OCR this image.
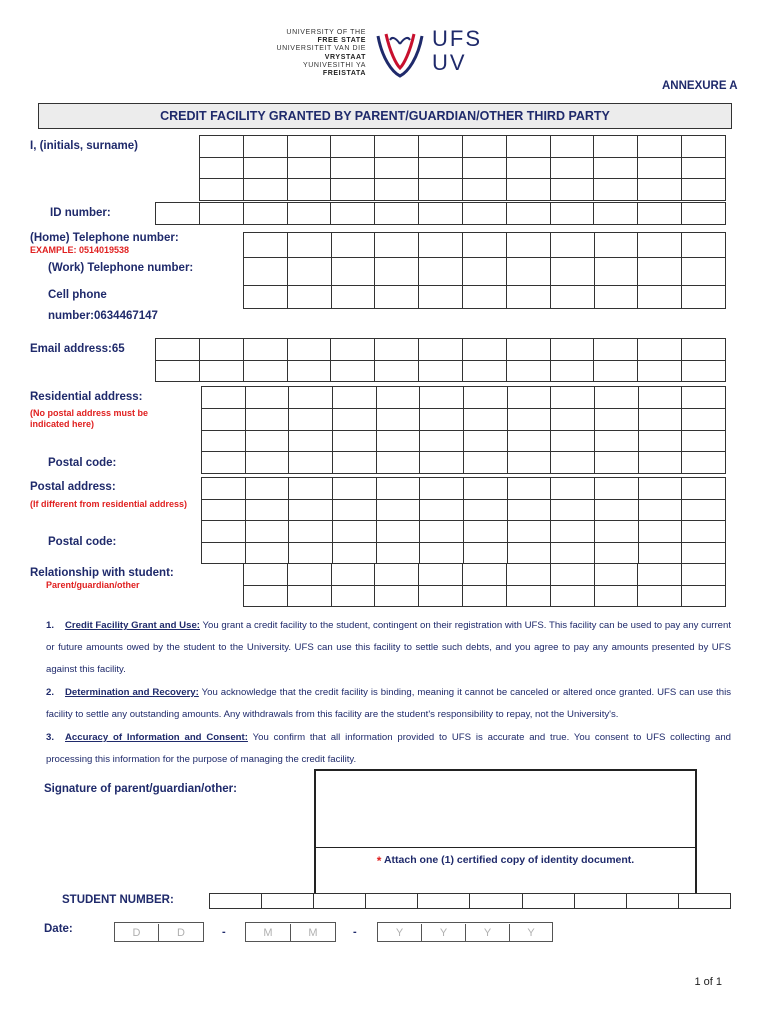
UNIVERSITY OF THE
FREE STATE
UNIVERSITEIT VAN DIE
VRYSTAAT
YUNIVESITHI YA
FREISTATA
UFS
UV
ANNEXURE A
CREDIT FACILITY GRANTED BY PARENT/GUARDIAN/OTHER THIRD PARTY
I, (initials, surname)

ID number:

(Home) Telephone number:
EXAMPLE: 0514019538
(Work) Telephone number:
Cell phone
number:0634467147

Email address:65

Residential address:
(No postal address must be
indicated here)
Postal code:

Postal address:

(If different from residential address)
Postal code:
Relationship with student:
Parent/guardian/other

1. Credit Facility Grant and Use: You grant a credit facility to the student, contingent on their registration with UFS. This facility can be used to pay any current or future amounts owed by the student to the University. UFS can use this facility to settle such debts, and you agree to pay any amounts presented by UFS against this facility.
2. Determination and Recovery: You acknowledge that the credit facility is binding, meaning it cannot be canceled or altered once granted. UFS can use this facility to settle any outstanding amounts. Any withdrawals from this facility are the student's responsibility to repay, not the University's.
3. Accuracy of Information and Consent: You confirm that all information provided to UFS is accurate and true. You consent to UFS collecting and processing this information for the purpose of managing the credit facility.
Signature of parent/guardian/other:
* Attach one (1) certified copy of identity document.
STUDENT NUMBER:

Date:	D	D	-	M	M	-	Y	Y	Y	Y
1 of 1
